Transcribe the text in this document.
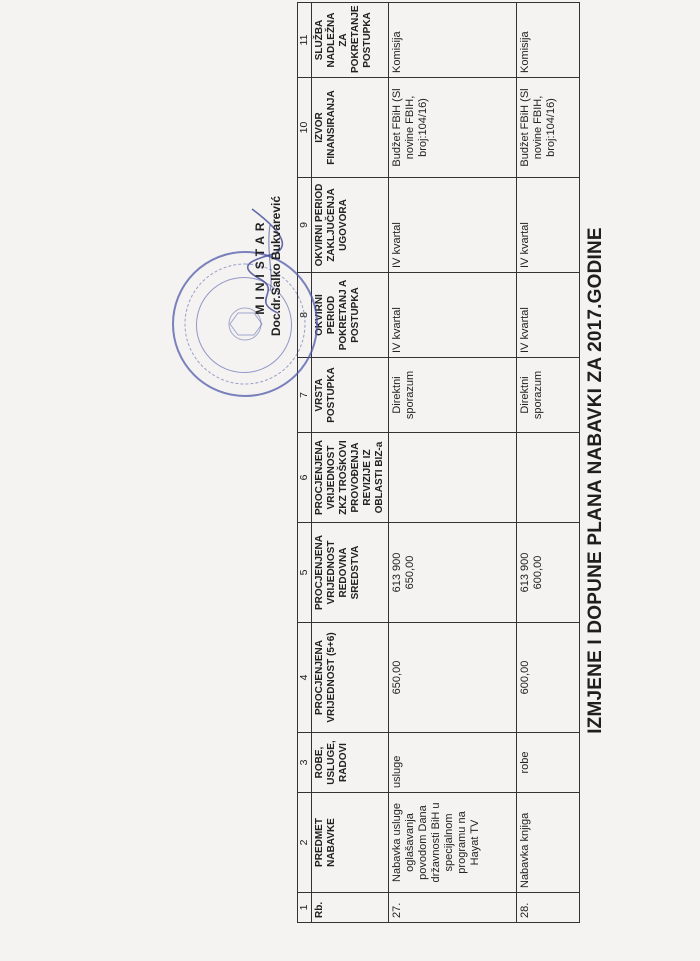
IZMJENE I DOPUNE PLANA NABAVKI ZA 2017.GODINE
1	2	3	4	5	6	7	8	9	10	11
Rb.	PREDMET NABAVKE	ROBE, USLUGE, RADOVI	PROCJENJENA VRIJEDNOST (5+6)	PROCJENJENA VRIJEDNOST REDOVNA SREDSTVA	PROCJENJENA VRIJEDNOST ZKZ TROŠKOVI PROVOĐENJA REVIZIJE IZ OBLASTI BIZ-a	VRSTA POSTUPKA	OKVIRNI PERIOD POKRETANJ A POSTUPKA	OKVIRNI PERIOD ZAKLJUČENJA UGOVORA	IZVOR FINANSIRANJA	SLUŽBA NADLEŽNA ZA POKRETANJE POSTUPKA
27.	Nabavka usluge oglašavanja povodom Dana državnosti BiH u specijalnom programu na Hayat TV	usluge	650,00	613 900 650,00		Direktni sporazum	IV kvartal	IV kvartal	Budžet FBiH (Sl novine FBIH, broj:104/16)	Komisija
28.	Nabavka knjiga	robe	600,00	613 900 600,00		Direktni sporazum	IV kvartal	IV kvartal	Budžet FBiH (Sl novine FBIH, broj:104/16)	Komisija
MINISTAR Doc.dr.Salko Bukvarević
